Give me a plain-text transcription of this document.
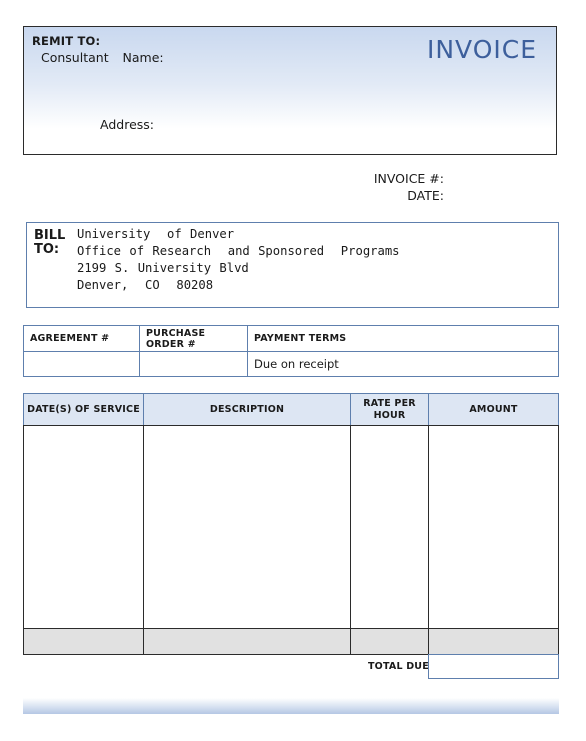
REMIT TO:
Consultant  Name:
Address:
INVOICE
INVOICE #:
DATE:
BILL
TO:
University  of Denver
Office of Research  and Sponsored  Programs
2199 S. University Blvd
Denver,  CO  80208
AGREEMENT #	PURCHASE ORDER #	PAYMENT TERMS
		Due on receipt
DATE(S) OF SERVICE	DESCRIPTION	RATE PER HOUR	AMOUNT

TOTAL DUE
